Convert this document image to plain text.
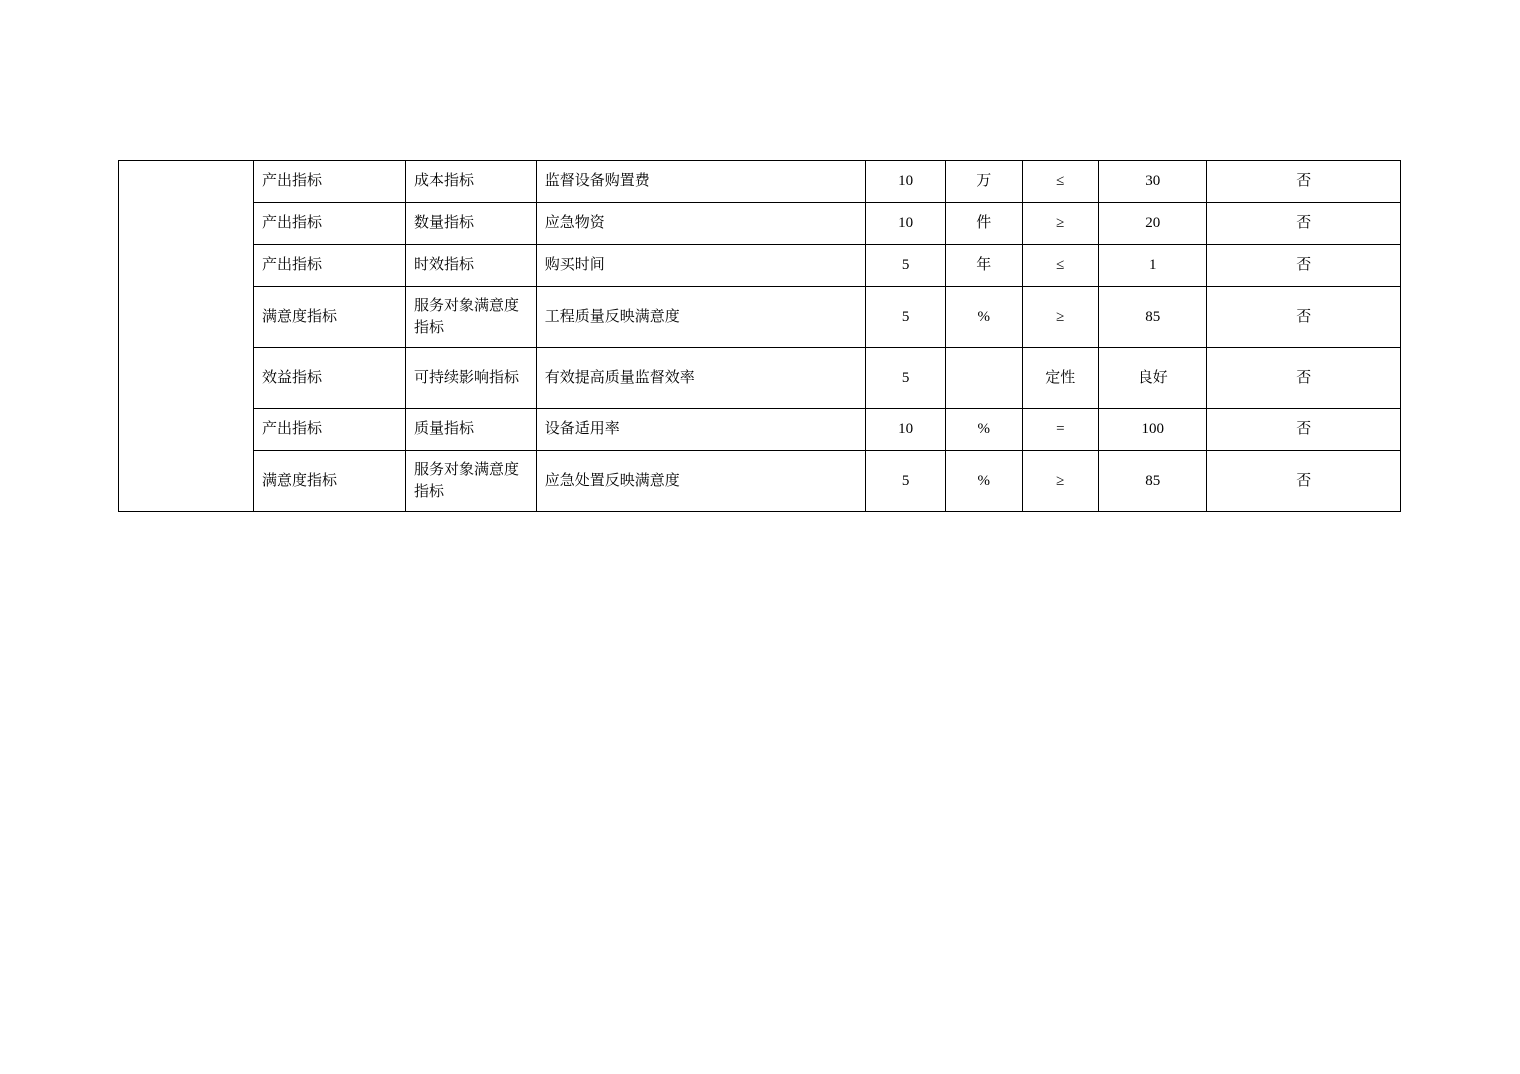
	产出指标	成本指标	监督设备购置费	10	万	≤	30	否
	产出指标	数量指标	应急物资	10	件	≥	20	否
	产出指标	时效指标	购买时间	5	年	≤	1	否
	满意度指标	服务对象满意度指标	工程质量反映满意度	5	%	≥	85	否
	效益指标	可持续影响指标	有效提高质量监督效率	5		定性	良好	否
	产出指标	质量指标	设备适用率	10	%	=	100	否
	满意度指标	服务对象满意度指标	应急处置反映满意度	5	%	≥	85	否
